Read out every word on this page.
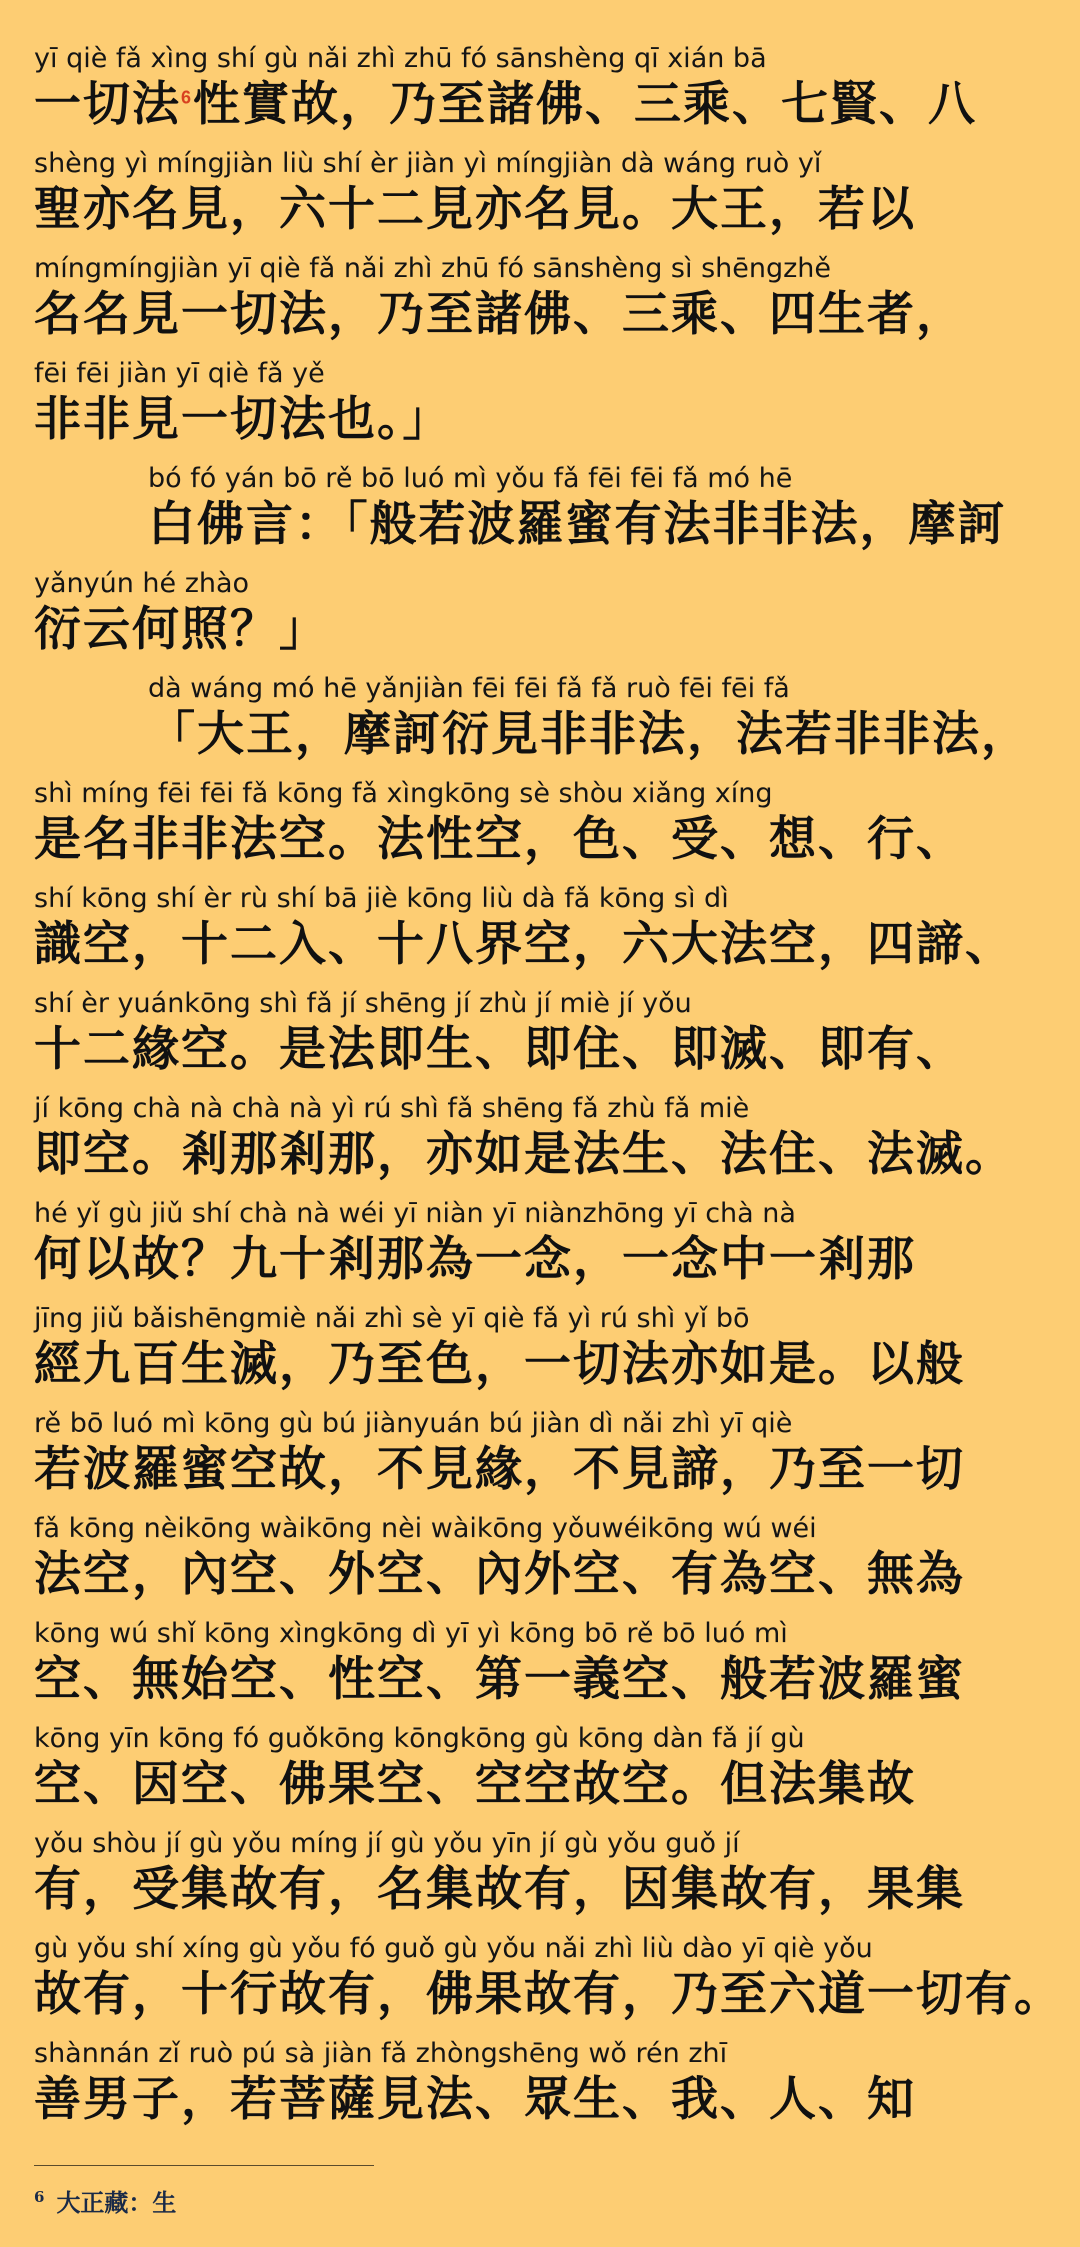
yī qiè fǎ xìng shí gù nǎi zhì zhū fó sānshèng qī xián bā
一切法$^6$性實故，乃至諸佛、三乘、七賢、八
shèng yì míngjiàn liù shí èr jiàn yì míngjiàn dà wáng ruò yǐ
聖亦名見，六十二見亦名見。大王，若以
míngmíngjiàn yī qiè fǎ nǎi zhì zhū fó sānshèng sì shēngzhě
名名見一切法，乃至諸佛、三乘、四生者，
fēi fēi jiàn yī qiè fǎ yě
非非見一切法也。」
bó fó yán bō rě bō luó mì yǒu fǎ fēi fēi fǎ mó hē
白佛言：「般若波羅蜜有法非非法，摩訶
yǎnyún hé zhào
衍云何照？」
dà wáng mó hē yǎnjiàn fēi fēi fǎ fǎ ruò fēi fēi fǎ
「大王，摩訶衍見非非法，法若非非法，
shì míng fēi fēi fǎ kōng fǎ xìngkōng sè shòu xiǎng xíng
是名非非法空。法性空，色、受、想、行、
shí kōng shí èr rù shí bā jiè kōng liù dà fǎ kōng sì dì
識空，十二入、十八界空，六大法空，四諦、
shí èr yuánkōng shì fǎ jí shēng jí zhù jí miè jí yǒu
十二緣空。是法即生、即住、即滅、即有、
jí kōng chà nà chà nà yì rú shì fǎ shēng fǎ zhù fǎ miè
即空。剎那剎那，亦如是法生、法住、法滅。
hé yǐ gù jiǔ shí chà nà wéi yī niàn yī niànzhōng yī chà nà
何以故？九十剎那為一念，一念中一剎那
jīng jiǔ bǎishēngmiè nǎi zhì sè yī qiè fǎ yì rú shì yǐ bō
經九百生滅，乃至色，一切法亦如是。以般
rě bō luó mì kōng gù bú jiànyuán bú jiàn dì nǎi zhì yī qiè
若波羅蜜空故，不見緣，不見諦，乃至一切
fǎ kōng nèikōng wàikōng nèi wàikōng yǒuwéikōng wú wéi
法空，內空、外空、內外空、有為空、無為
kōng wú shǐ kōng xìngkōng dì yī yì kōng bō rě bō luó mì
空、無始空、性空、第一義空、般若波羅蜜
kōng yīn kōng fó guǒkōng kōngkōng gù kōng dàn fǎ jí gù
空、因空、佛果空、空空故空。但法集故
yǒu shòu jí gù yǒu míng jí gù yǒu yīn jí gù yǒu guǒ jí
有，受集故有，名集故有，因集故有，果集
gù yǒu shí xíng gù yǒu fó guǒ gù yǒu nǎi zhì liù dào yī qiè yǒu
故有，十行故有，佛果故有，乃至六道一切有。
shànnán zǐ ruò pú sà jiàn fǎ zhòngshēng wǒ rén zhī
善男子，若菩薩見法、眾生、我、人、知
$^6$ 大正藏：生
